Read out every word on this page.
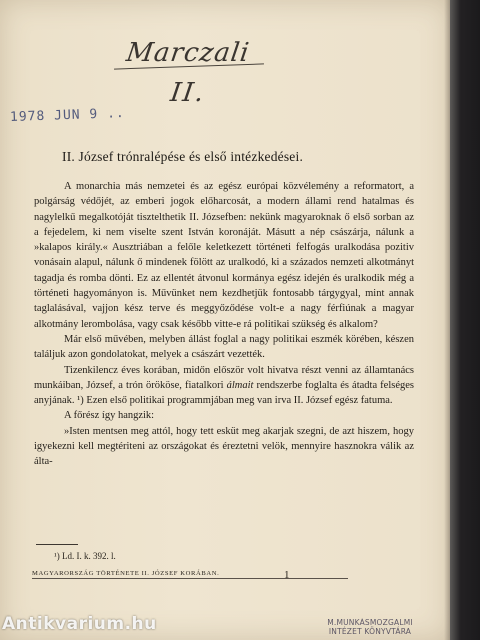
Marczali
II.
1978 JUN 9 ..
II. József trónralépése és első intézkedései.

A monarchia más nemzetei és az egész európai közvélemény a reformatort, a polgárság védőjét, az emberi jogok előharcosát, a modern állami rend hatalmas és nagylelkű megalkotóját tisztelthetik II. Józsefben: nekünk magyaroknak ő első sorban az a fejedelem, ki nem viselte szent István koronáját. Másutt a nép császárja, nálunk a »kalapos király.« Ausztriában a felőle keletkezett történeti felfogás uralkodása pozitiv vonásain alapul, nálunk ő mindenek fölött az uralkodó, ki a százados nemzeti alkotmányt tagadja és romba dönti. Ez az ellentét átvonul kormánya egész idején és uralkodik még a történeti hagyományon is. Művünket nem kezdhetjük fontosabb tárgygyal, mint annak taglalásával, vajjon kész terve és meggyőződése volt-e a nagy férfiúnak a magyar alkotmány lerombolása, vagy csak később vitte-e rá politikai szükség és alkalom?

Már első művében, melyben állást foglal a nagy politikai eszmék körében, készen találjuk azon gondolatokat, melyek a császárt vezették.

Tizenkilencz éves korában, midőn először volt hivatva részt venni az államtanács munkáiban, József, a trón örököse, fiatalkori álmait rendszerbe foglalta és átadta felséges anyjának. ¹) Ezen első politikai programmjában meg van irva II. József egész fatuma.

A főrész így hangzik:

»Isten mentsen meg attól, hogy tett esküt meg akarjak szegni, de azt hiszem, hogy igyekezni kell megtériteni az országokat és éreztetni velök, mennyire hasznokra válik az álta-

¹) Ld. I. k. 392. l.
MAGYARORSZÁG TÖRTÉNETE II. JÓZSEF KORÁBAN.	1
M.MUNKÁSMOZGALMI
INTÉZET KÖNYVTÁRA
Antikvarium.hu
